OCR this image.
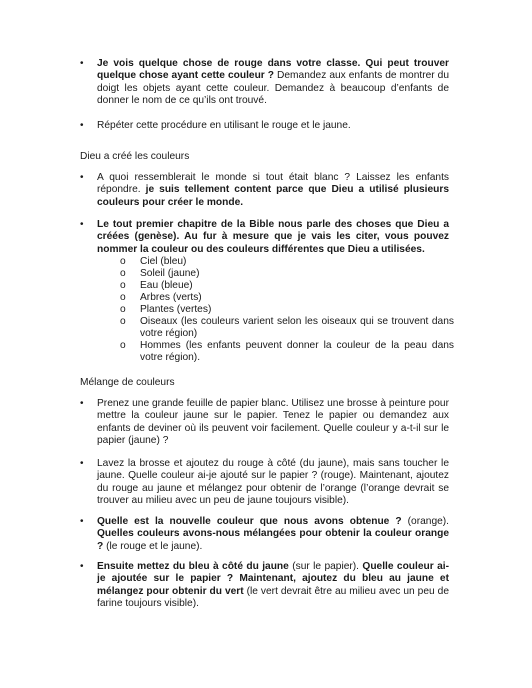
• Je vois quelque chose de rouge dans votre classe. Qui peut trouver quelque chose ayant cette couleur ? Demandez aux enfants de montrer du doigt les objets ayant cette couleur. Demandez à beaucoup d’enfants de donner le nom de ce qu’ils ont trouvé.
• Répéter cette procédure en utilisant le rouge et le jaune.
Dieu a créé les couleurs
• A quoi ressemblerait le monde si tout était blanc ? Laissez les enfants répondre. je suis tellement content parce que Dieu a utilisé plusieurs couleurs pour créer le monde.
• Le tout premier chapitre de la Bible nous parle des choses que Dieu a créées (genèse). Au fur à mesure que je vais les citer, vous pouvez nommer la couleur ou des couleurs différentes que Dieu a utilisées.
o Ciel (bleu)
o Soleil (jaune)
o Eau (bleue)
o Arbres (verts)
o Plantes (vertes)
o Oiseaux (les couleurs varient selon les oiseaux qui se trouvent dans votre région)
o Hommes (les enfants peuvent donner la couleur de la peau dans votre région).
Mélange de couleurs
• Prenez une grande feuille de papier blanc. Utilisez une brosse à peinture pour mettre la couleur jaune sur le papier. Tenez le papier ou demandez aux enfants de deviner où ils peuvent voir facilement. Quelle couleur y a-t-il sur le papier (jaune) ?
• Lavez la brosse et ajoutez du rouge à côté (du jaune), mais sans toucher le jaune. Quelle couleur ai-je ajouté sur le papier ? (rouge). Maintenant, ajoutez du rouge au jaune et mélangez pour obtenir de l’orange (l’orange devrait se trouver au milieu avec un peu de jaune toujours visible).
• Quelle est la nouvelle couleur que nous avons obtenue ? (orange). Quelles couleurs avons-nous mélangées pour obtenir la couleur orange ? (le rouge et le jaune).
• Ensuite mettez du bleu à côté du jaune (sur le papier). Quelle couleur ai-je ajoutée sur le papier ? Maintenant, ajoutez du bleu au jaune et mélangez pour obtenir du vert (le vert devrait être au milieu avec un peu de farine toujours visible).
